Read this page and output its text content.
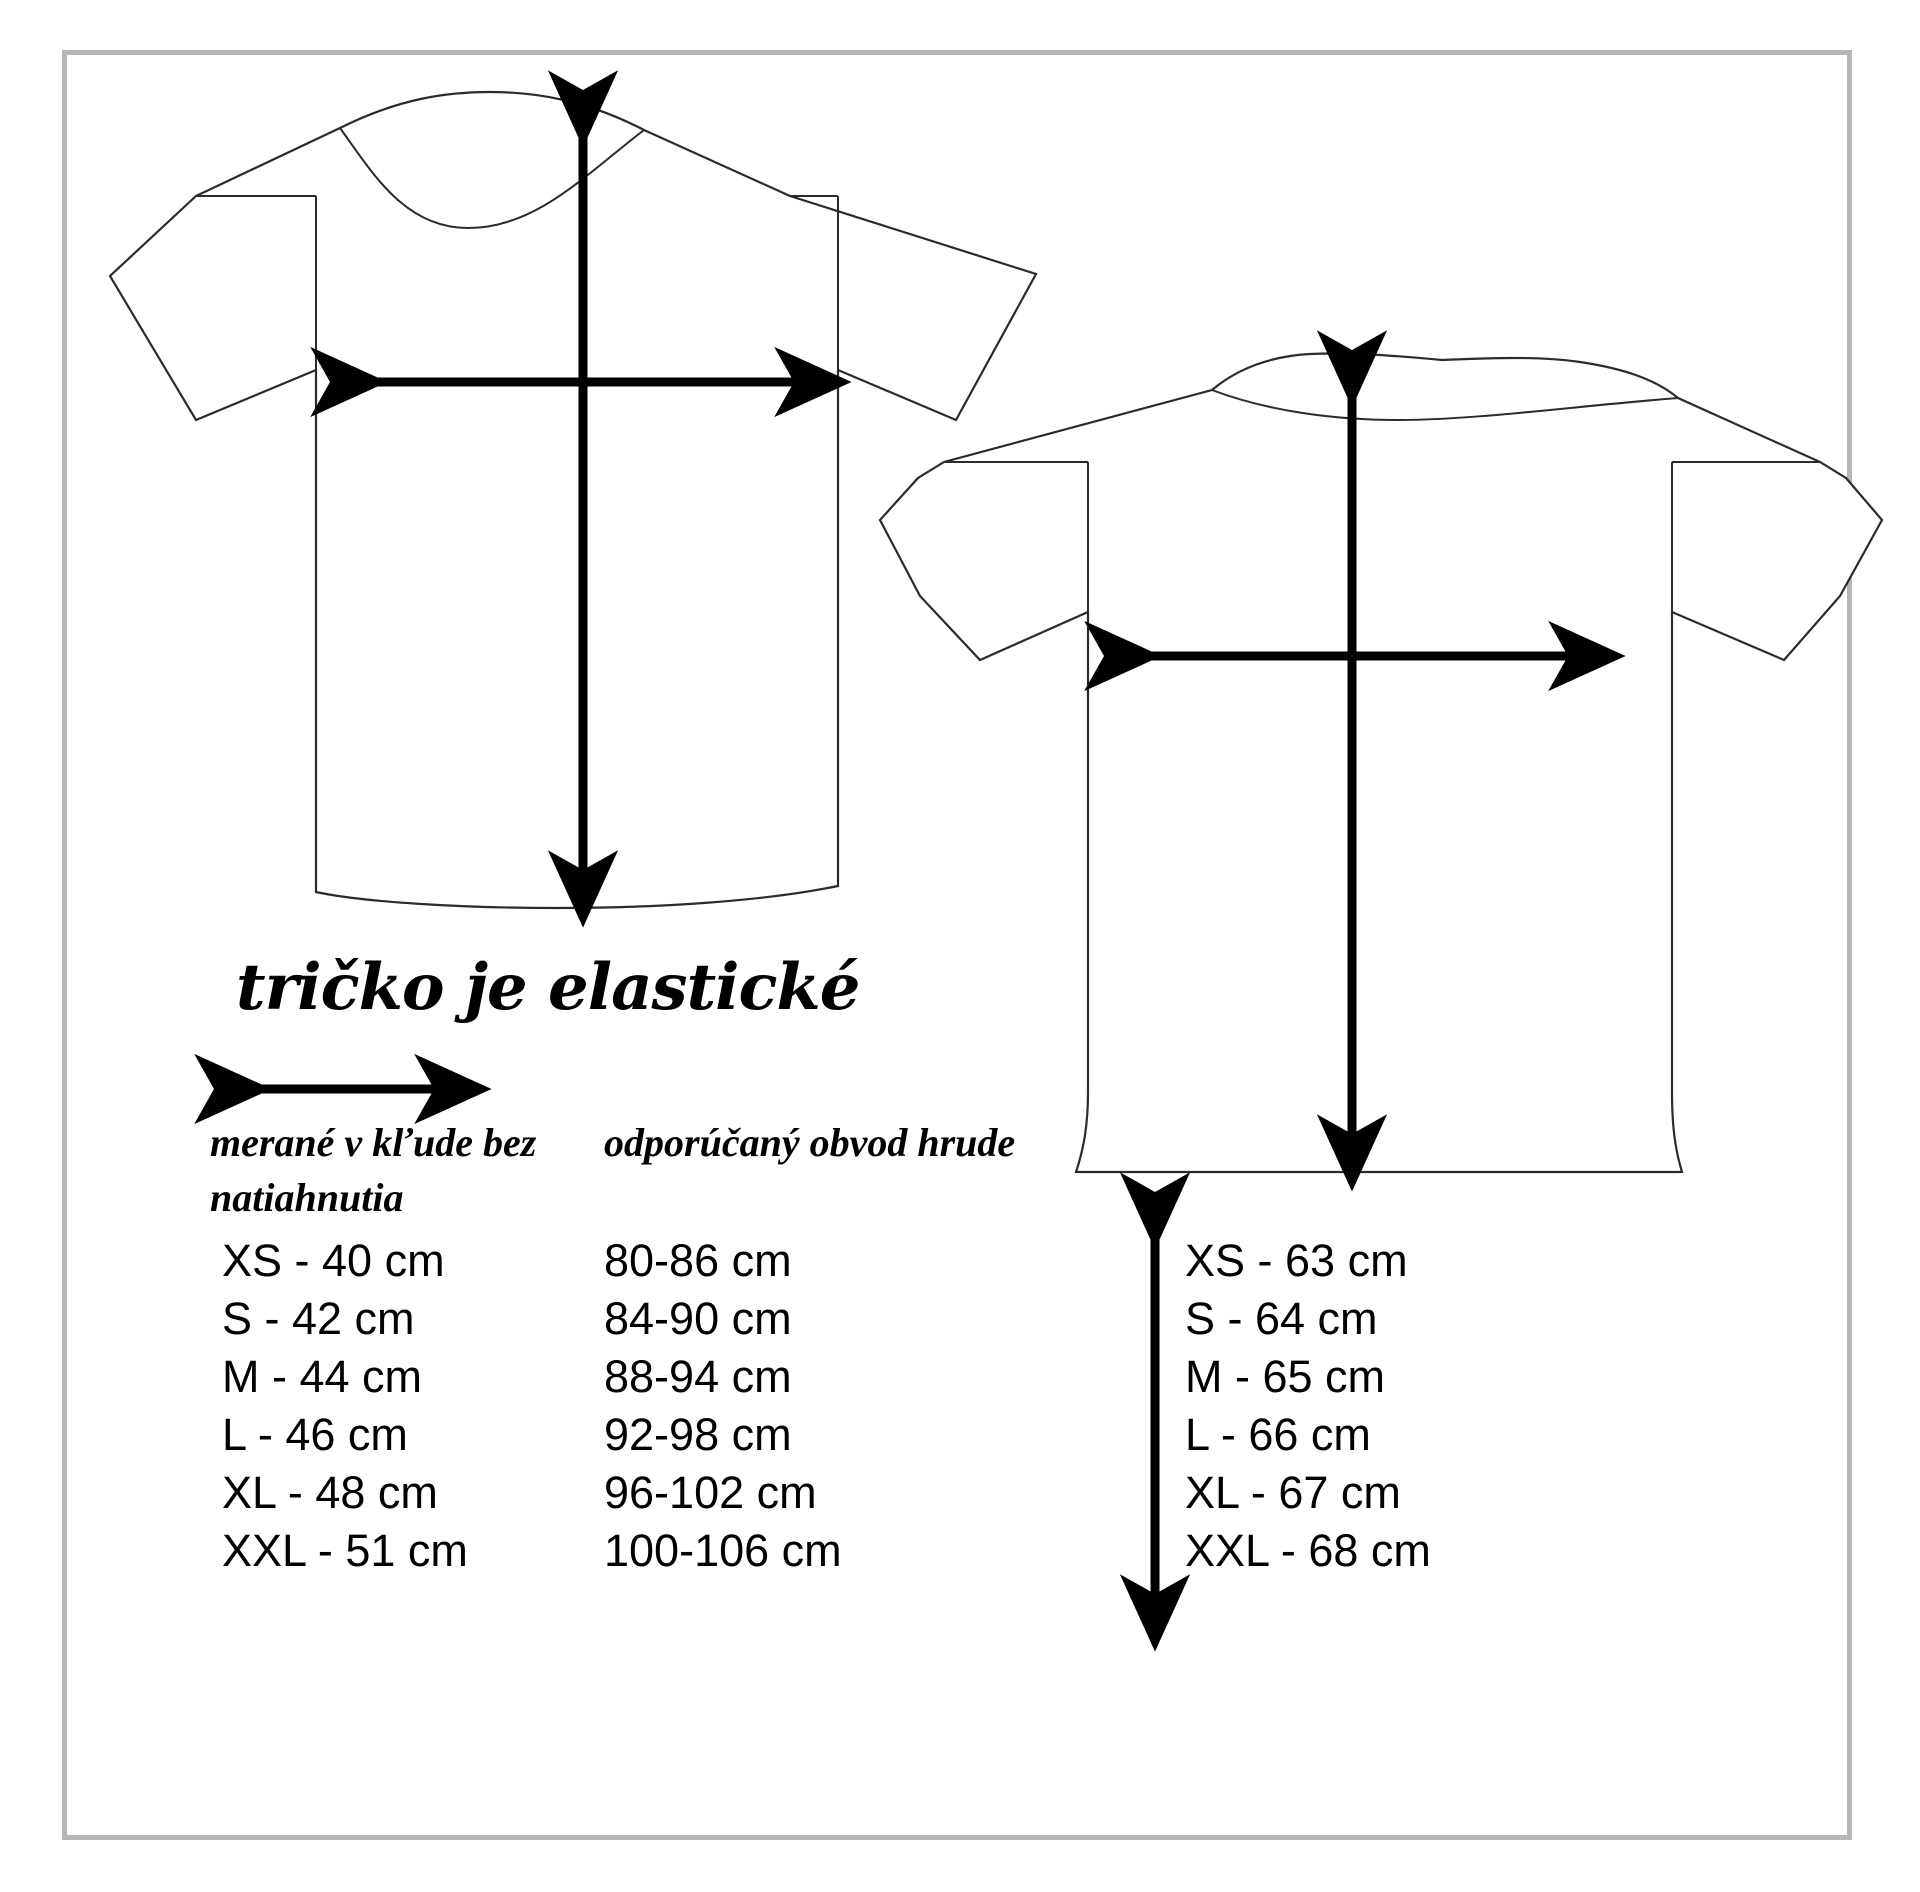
tričko je elastické
merané v kľude bez natiahnutia
odporúčaný obvod hrude
XS - 40 cm
S - 42 cm
M - 44 cm
L - 46 cm
XL - 48 cm
XXL - 51 cm
80-86 cm
84-90 cm
88-94 cm
92-98 cm
96-102 cm
100-106 cm
XS - 63 cm
S - 64 cm
M - 65 cm
L - 66 cm
XL - 67 cm
XXL - 68 cm
